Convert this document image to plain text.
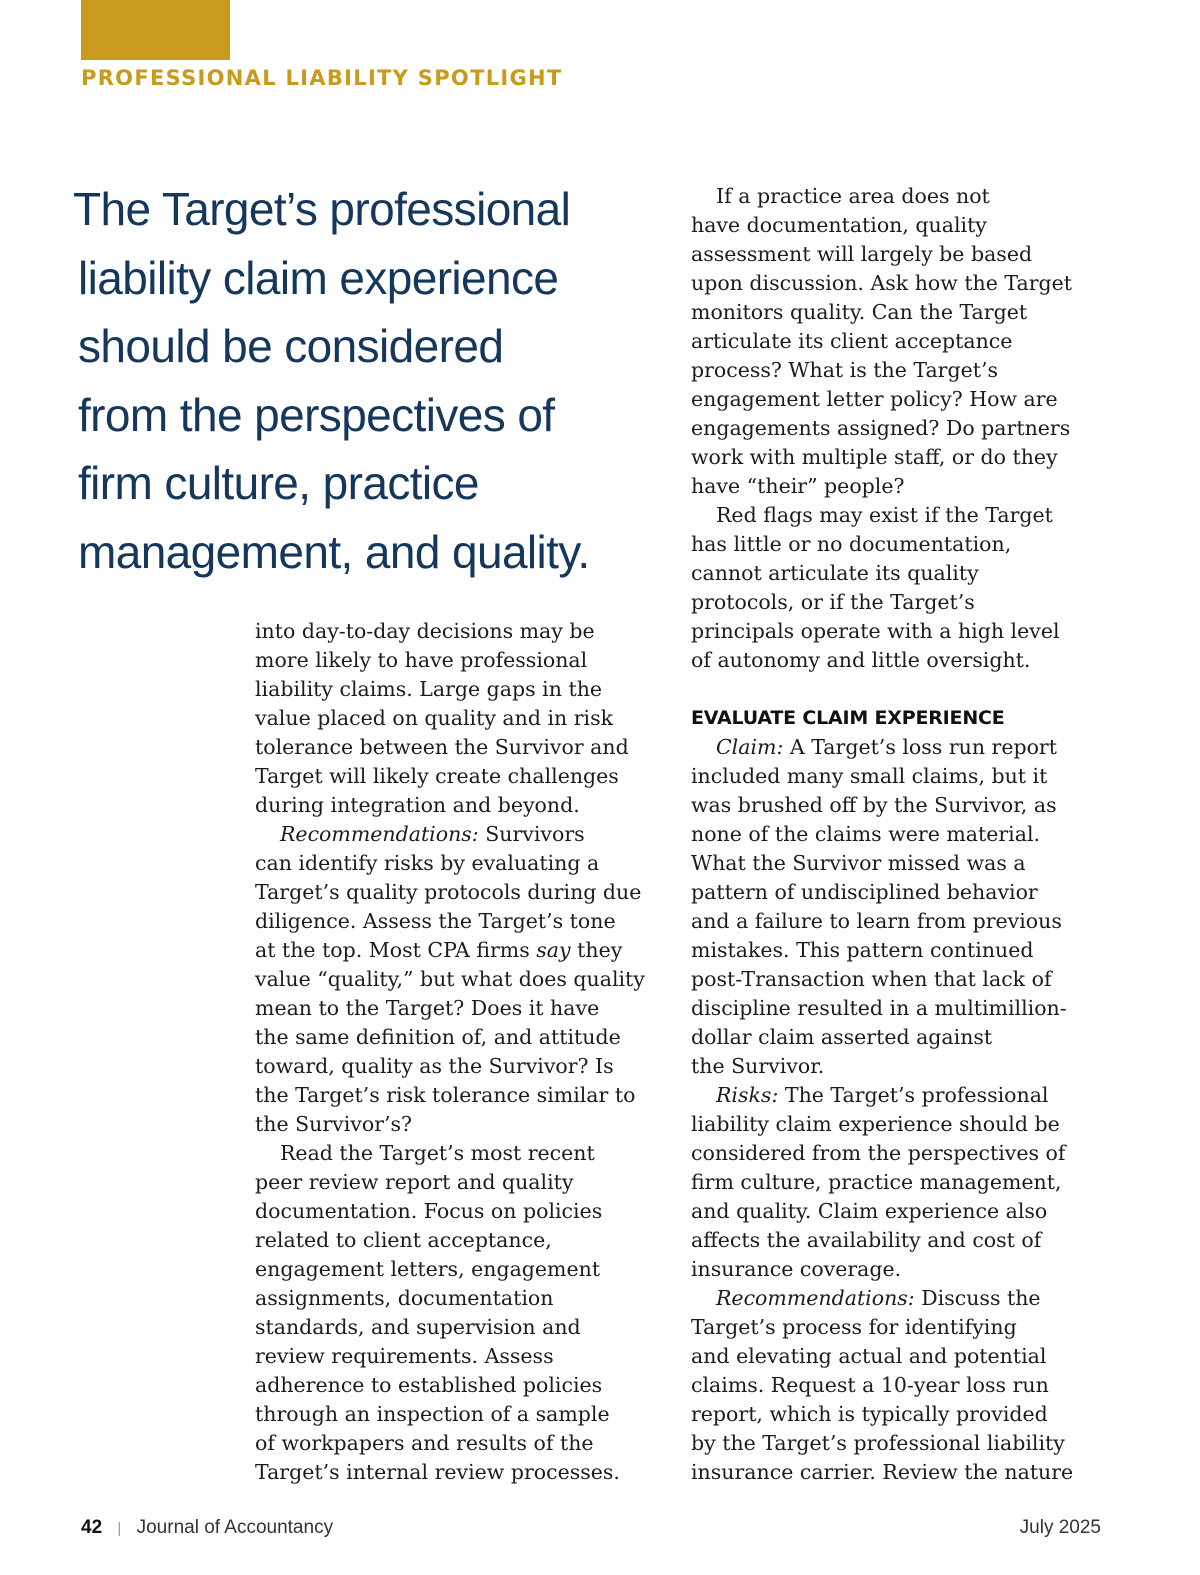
PROFESSIONAL LIABILITY SPOTLIGHT
The Target’s professional
liability claim experience
should be considered
from the perspectives of
firm culture, practice
management, and quality.
into day-to-day decisions may be
more likely to have professional
liability claims. Large gaps in the
value placed on quality and in risk
tolerance between the Survivor and
Target will likely create challenges
during integration and beyond.
Recommendations: Survivors
can identify risks by evaluating a
Target’s quality protocols during due
diligence. Assess the Target’s tone
at the top. Most CPA firms say they
value “quality,” but what does quality
mean to the Target? Does it have
the same definition of, and attitude
toward, quality as the Survivor? Is
the Target’s risk tolerance similar to
the Survivor’s?
Read the Target’s most recent
peer review report and quality
documentation. Focus on policies
related to client acceptance,
engagement letters, engagement
assignments, documentation
standards, and supervision and
review requirements. Assess
adherence to established policies
through an inspection of a sample
of workpapers and results of the
Target’s internal review processes.
If a practice area does not
have documentation, quality
assessment will largely be based
upon discussion. Ask how the Target
monitors quality. Can the Target
articulate its client acceptance
process? What is the Target’s
engagement letter policy? How are
engagements assigned? Do partners
work with multiple staff, or do they
have “their” people?
Red flags may exist if the Target
has little or no documentation,
cannot articulate its quality
protocols, or if the Target’s
principals operate with a high level
of autonomy and little oversight.
EVALUATE CLAIM EXPERIENCE
Claim: A Target’s loss run report
included many small claims, but it
was brushed off by the Survivor, as
none of the claims were material.
What the Survivor missed was a
pattern of undisciplined behavior
and a failure to learn from previous
mistakes. This pattern continued
post-Transaction when that lack of
discipline resulted in a multimillion-
dollar claim asserted against
the Survivor.
Risks: The Target’s professional
liability claim experience should be
considered from the perspectives of
firm culture, practice management,
and quality. Claim experience also
affects the availability and cost of
insurance coverage.
Recommendations: Discuss the
Target’s process for identifying
and elevating actual and potential
claims. Request a 10-year loss run
report, which is typically provided
by the Target’s professional liability
insurance carrier. Review the nature
42 | Journal of Accountancy	July 2025
